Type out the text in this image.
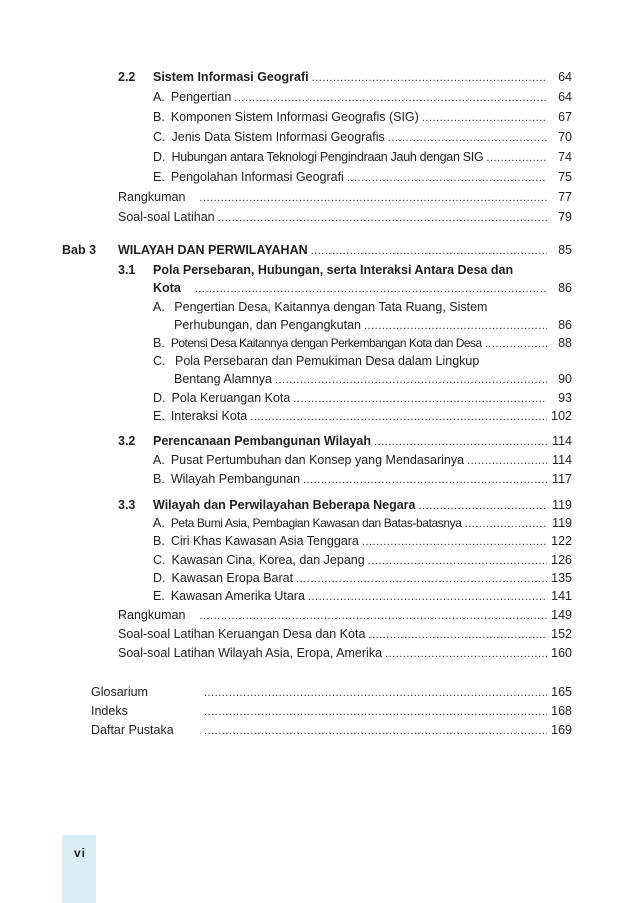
2.2 Sistem Informasi Geografi .....	64
A. Pengertian .....	64
B. Komponen Sistem Informasi Geografis (SIG) .....	67
C. Jenis Data Sistem Informasi Geografis .....	70
D. Hubungan antara Teknologi Pengindraan Jauh dengan SIG .....	74
E. Pengolahan Informasi Geografi .....	75
Rangkuman .....	77
Soal-soal Latihan .....	79
Bab 3 WILAYAH DAN PERWILAYAHAN .....	85
3.1 Pola Persebaran, Hubungan, serta Interaksi Antara Desa dan
Kota .....	86
A. Pengertian Desa, Kaitannya dengan Tata Ruang, Sistem
Perhubungan, dan Pengangkutan .....	86
B. Potensi Desa Kaitannya dengan Perkembangan Kota dan Desa .....	88
C. Pola Persebaran dan Pemukiman Desa dalam Lingkup
Bentang Alamnya .....	90
D. Pola Keruangan Kota .....	93
E. Interaksi Kota .....	102
3.2 Perencanaan Pembangunan Wilayah .....	114
A. Pusat Pertumbuhan dan Konsep yang Mendasarinya .....	114
B. Wilayah Pembangunan .....	117
3.3 Wilayah dan Perwilayahan Beberapa Negara .....	119
A. Peta Bumi Asia, Pembagian Kawasan dan Batas-batasnya .....	119
B. Ciri Khas Kawasan Asia Tenggara .....	122
C. Kawasan Cina, Korea, dan Jepang .....	126
D. Kawasan Eropa Barat .....	135
E. Kawasan Amerika Utara .....	141
Rangkuman .....	149
Soal-soal Latihan Keruangan Desa dan Kota .....	152
Soal-soal Latihan Wilayah Asia, Eropa, Amerika .....	160
Glosarium .....	165
Indeks .....	168
Daftar Pustaka .....	169
vi
